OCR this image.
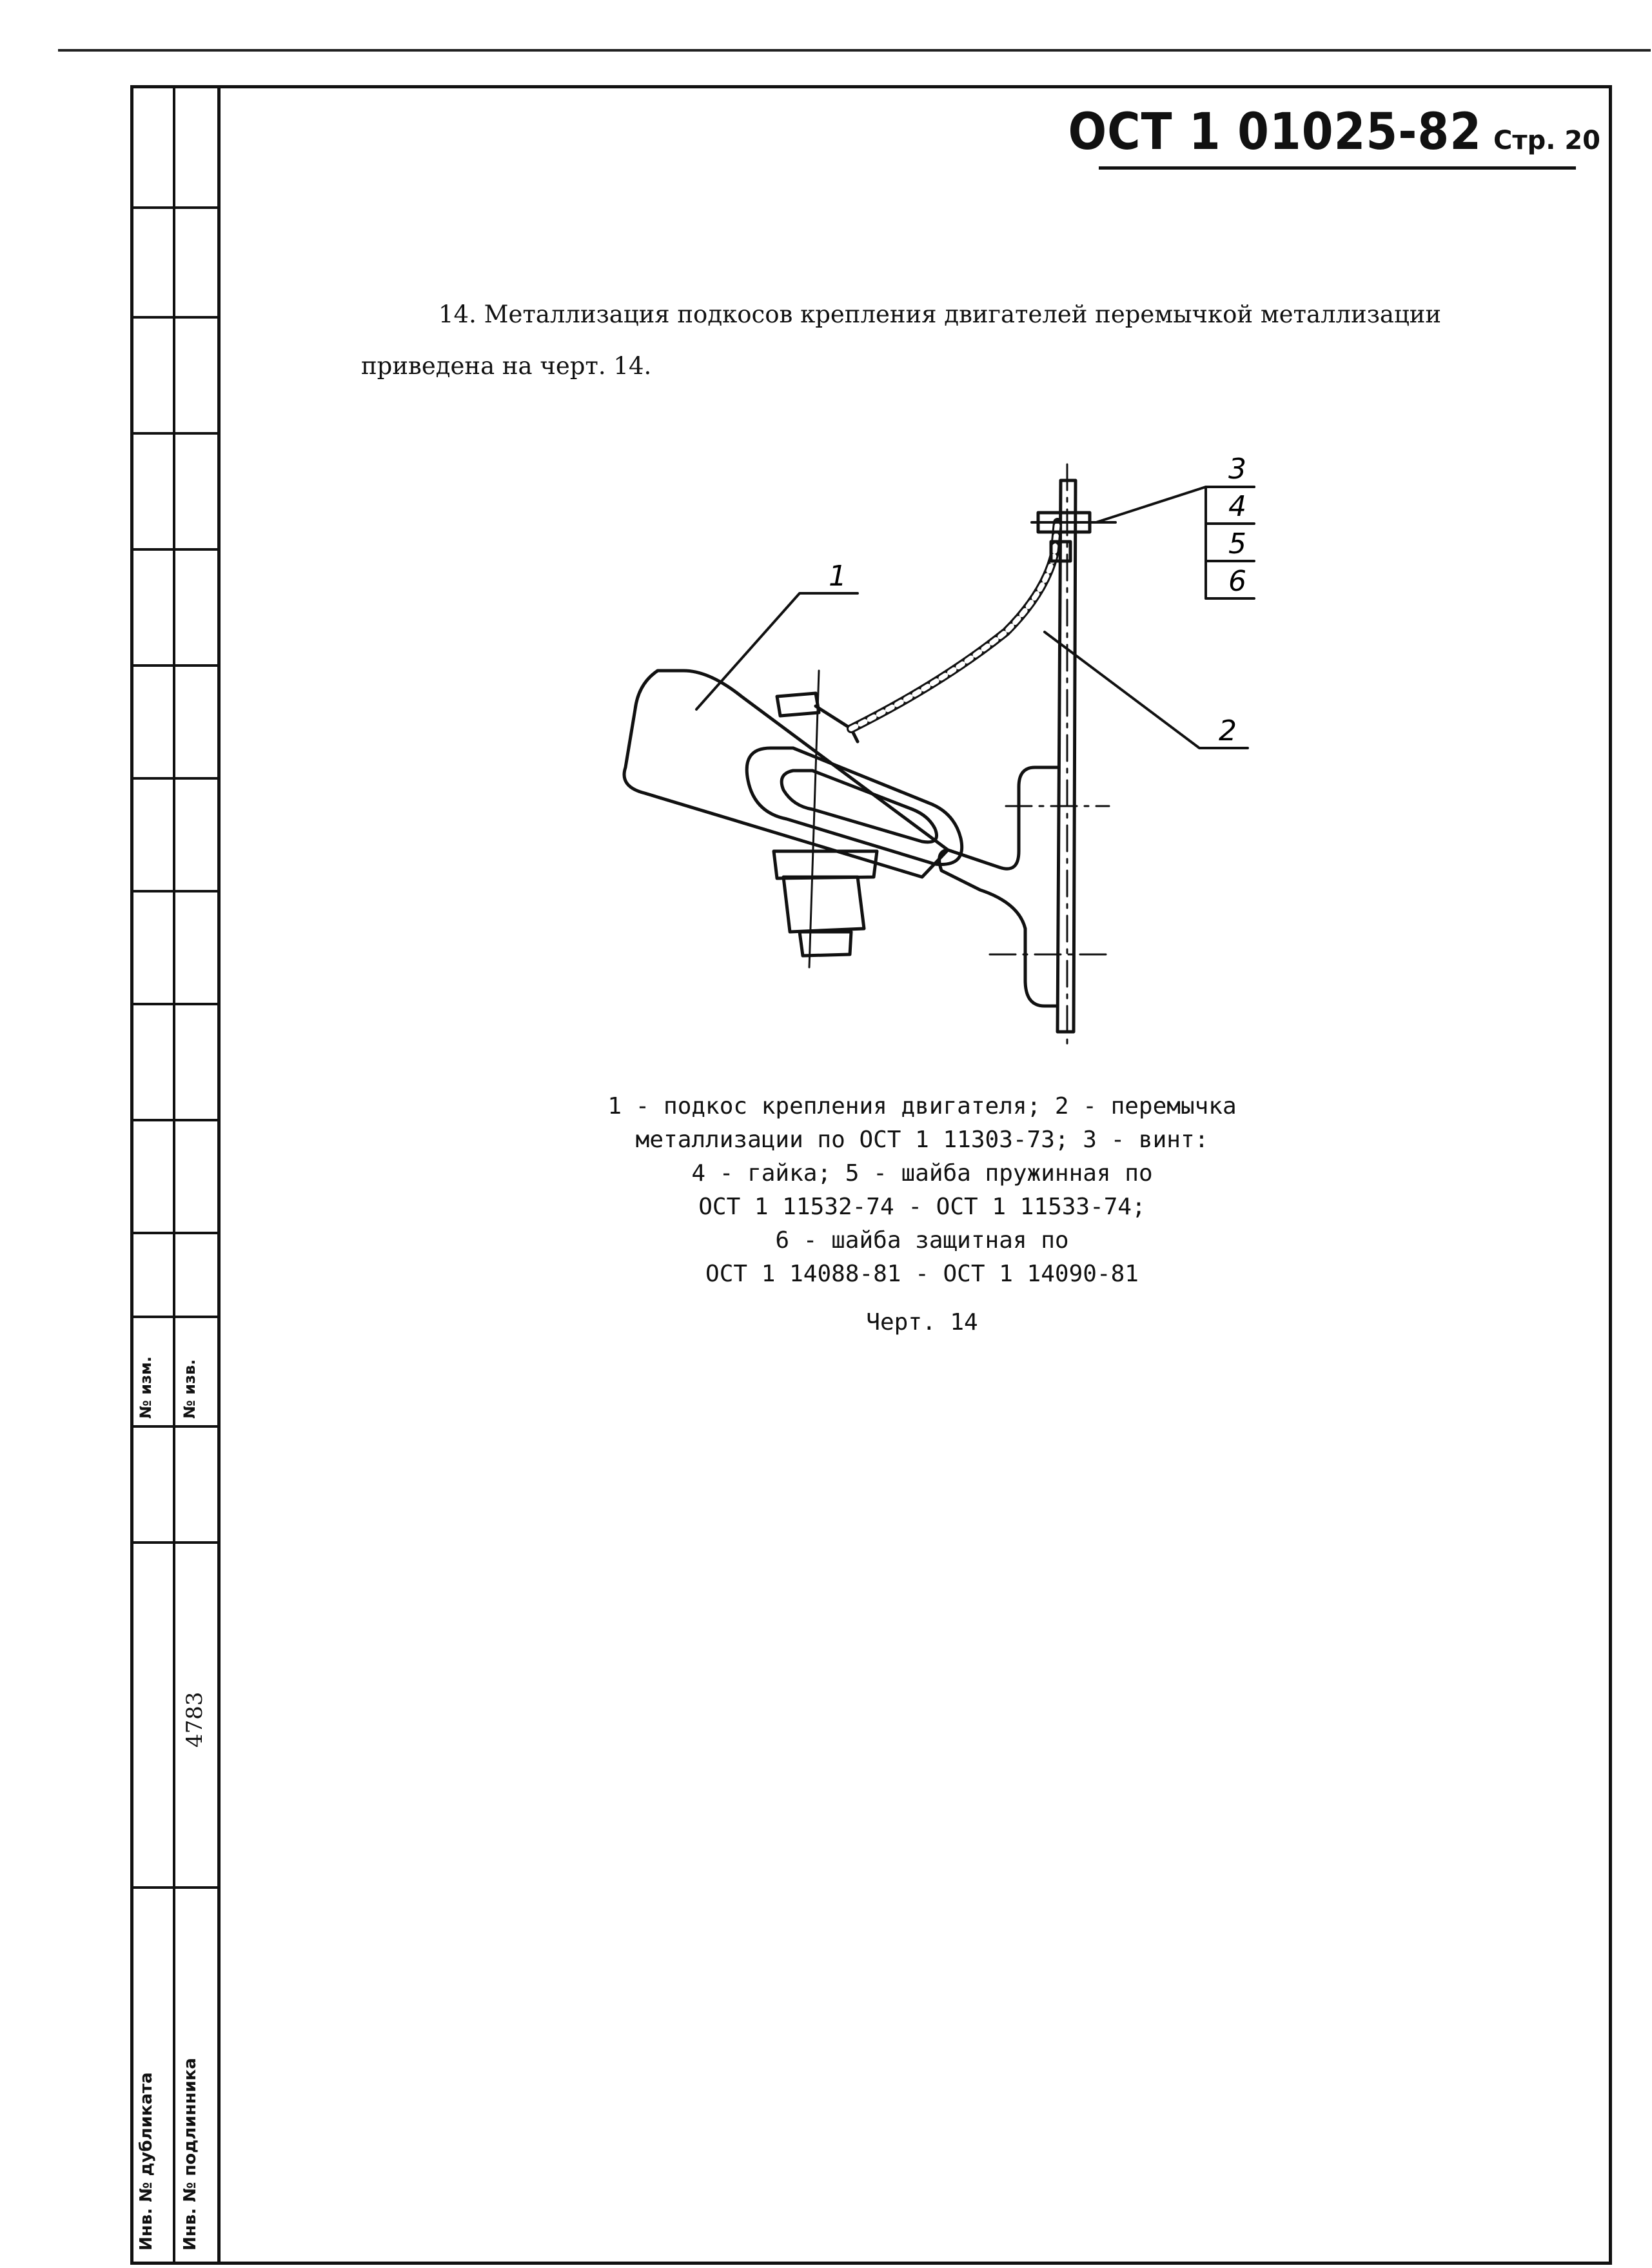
№ изм. № изв.
Инв. № дубликата Инв. № подлинника
4783
ОСТ 1 01025-82 Стр. 20
14. Металлизация подкосов крепления двигателей перемычкой металлизации приведена на черт. 14.
1
2
3
4
5
6
1 - подкос крепления двигателя; 2 - перемычка
металлизации по ОСТ 1 11303-73; 3 - винт:
4 - гайка; 5 - шайба пружинная по
ОСТ 1 11532-74 - ОСТ 1 11533-74;
6 - шайба защитная по
ОСТ 1 14088-81 - ОСТ 1 14090-81
Черт. 14
